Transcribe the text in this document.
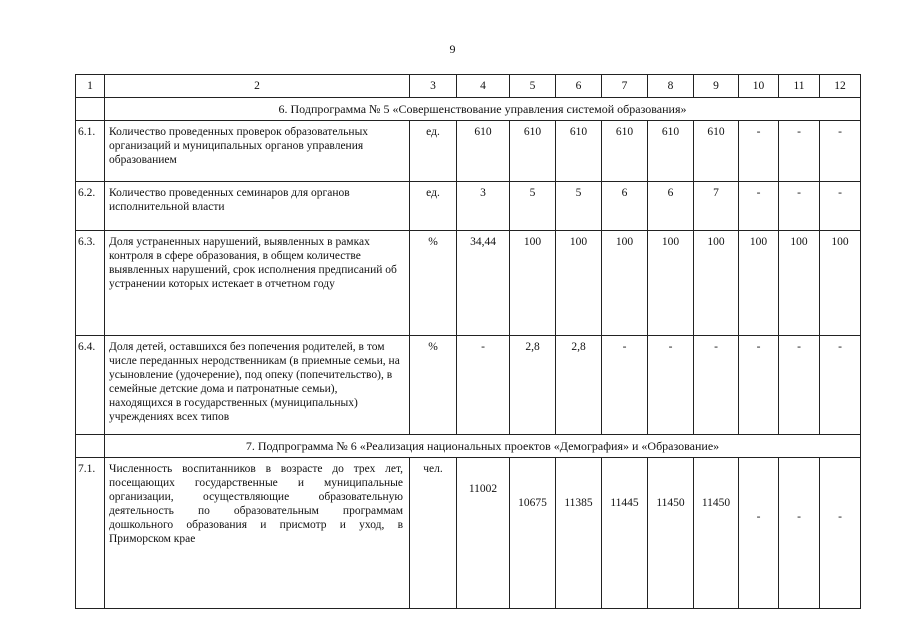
9
1	2	3	4	5	6	7	8	9	10	11	12
	6. Подпрограмма № 5 «Совершенствование управления системой образования»										
6.1.	Количество проведенных проверок образовательных организаций и муниципальных органов управления образованием	ед.	610	610	610	610	610	610	-	-	-
6.2.	Количество проведенных семинаров для органов исполнительной власти	ед.	3	5	5	6	6	7	-	-	-
6.3.	Доля устраненных нарушений, выявленных в рамках контроля в сфере образования, в общем количестве выявленных нарушений, срок исполнения предписаний об устранении которых истекает в отчетном году	%	34,44	100	100	100	100	100	100	100	100
6.4.	Доля детей, оставшихся без попечения родителей, в том числе переданных неродственникам (в приемные семьи, на усыновление (удочерение), под опеку (попечительство), в семейные детские дома и патронатные семьи), находящихся в государственных (муниципальных) учреждениях всех типов	%	-	2,8	2,8	-	-	-	-	-	-
	7. Подпрограмма № 6 «Реализация национальных проектов «Демография» и «Образование»										
7.1.	Численность воспитанников в возрасте до трех лет, посещающих государственные и муниципальные организации, осуществляющие образовательную деятельность по образовательным программам дошкольного образования и присмотр и уход, в Приморском крае	чел.	11002	10675	11385	11445	11450	11450	-	-	-
